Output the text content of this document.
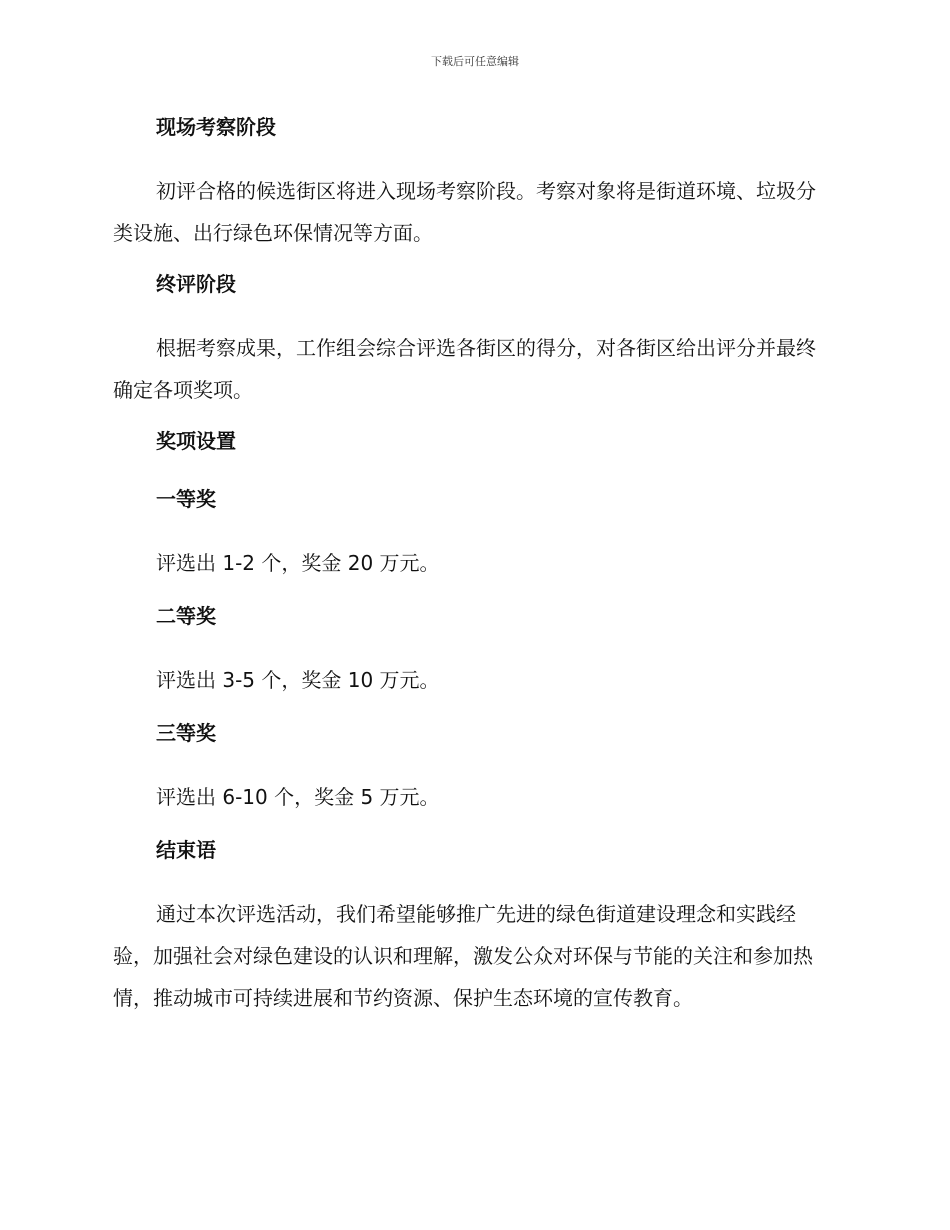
下载后可任意编辑
现场考察阶段
初评合格的候选街区将进入现场考察阶段。考察对象将是街道环境、垃圾分类设施、出行绿色环保情况等方面。
终评阶段
根据考察成果，工作组会综合评选各街区的得分，对各街区给出评分并最终确定各项奖项。
奖项设置
一等奖
评选出 1-2 个，奖金 20 万元。
二等奖
评选出 3-5 个，奖金 10 万元。
三等奖
评选出 6-10 个，奖金 5 万元。
结束语
通过本次评选活动，我们希望能够推广先进的绿色街道建设理念和实践经验，加强社会对绿色建设的认识和理解，激发公众对环保与节能的关注和参加热情，推动城市可持续进展和节约资源、保护生态环境的宣传教育。
